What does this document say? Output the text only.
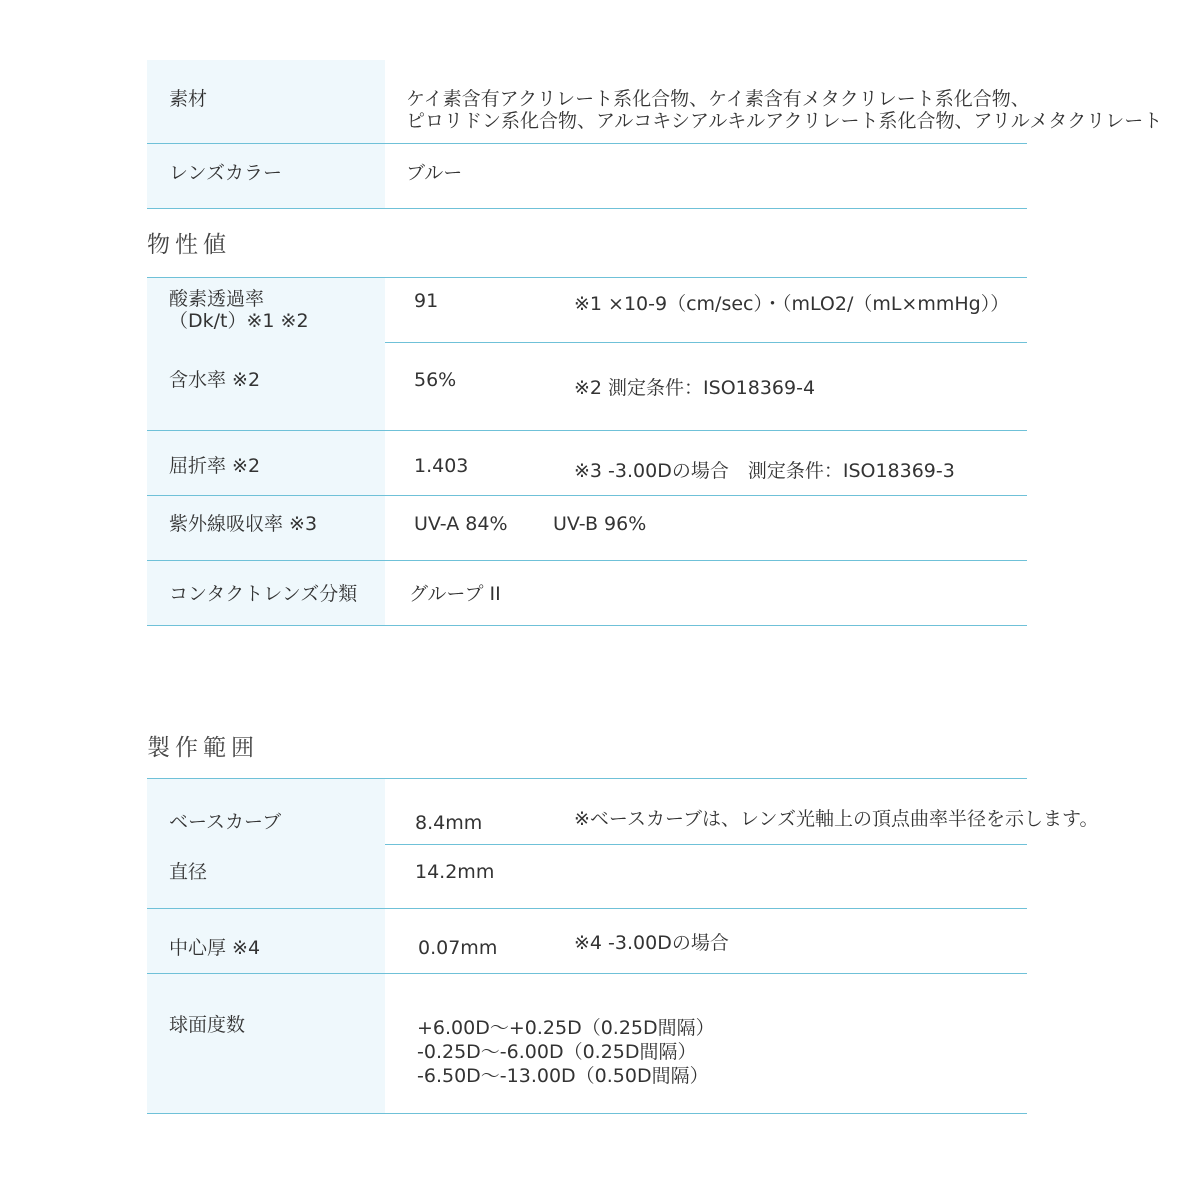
素材	ケイ素含有アクリレート系化合物、ケイ素含有メタクリレート系化合物、
ピロリドン系化合物、アルコキシアルキルアクリレート系化合物、アリルメタクリレート
レンズカラー	ブルー
物性値
酸素透過率
（Dk/t）※1 ※2
91	※1 ×10-9（cm/sec）・（mLO2/（mL×mmHg））
含水率 ※2	56%	※2 測定条件：ISO18369-4
屈折率 ※2	1.403	※3 -3.00Dの場合　測定条件：ISO18369-3
紫外線吸収率 ※3	UV-A 84% UV-B 96%
コンタクトレンズ分類	グループ II
製作範囲
ベースカーブ	8.4mm	※ベースカーブは、レンズ光軸上の頂点曲率半径を示します。
直径	14.2mm
中心厚 ※4	0.07mm	※4 -3.00Dの場合
球面度数	+6.00D～+0.25D（0.25D間隔）
-0.25D～-6.00D（0.25D間隔）
-6.50D～-13.00D（0.50D間隔）
